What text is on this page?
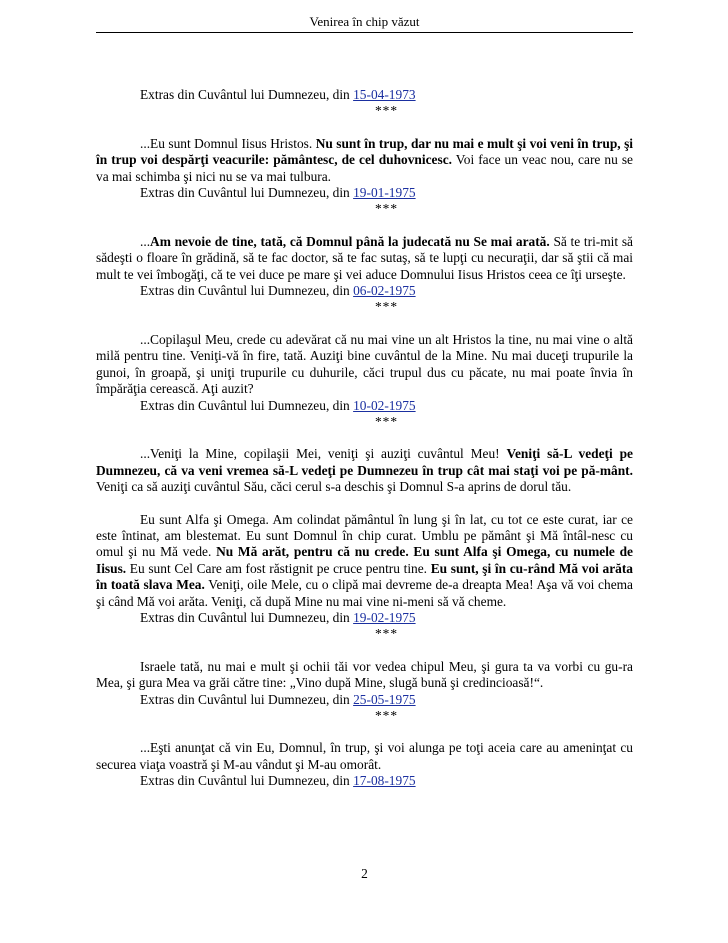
Venirea în chip văzut

Extras din Cuvântul lui Dumnezeu, din 15-04-1973

***

...Eu sunt Domnul Iisus Hristos. Nu sunt în trup, dar nu mai e mult şi voi veni în trup, şi în trup voi despărţi veacurile: pământesc, de cel duhovnicesc. Voi face un veac nou, care nu se va mai schimba şi nici nu se va mai tulbura.

Extras din Cuvântul lui Dumnezeu, din 19-01-1975

***

...Am nevoie de tine, tată, că Domnul până la judecată nu Se mai arată. Să te tri-mit să sădeşti o floare în grădină, să te fac doctor, să te fac sutaş, să te lupţi cu necuraţii, dar să ştii că mai mult te vei îmbogăţi, că te vei duce pe mare şi vei aduce Domnului Iisus Hristos ceea ce îţi urseşte.

Extras din Cuvântul lui Dumnezeu, din 06-02-1975

***

...Copilaşul Meu, crede cu adevărat că nu mai vine un alt Hristos la tine, nu mai vine o altă milă pentru tine. Veniţi-vă în fire, tată. Auziţi bine cuvântul de la Mine. Nu mai duceţi trupurile la gunoi, în groapă, şi uniţi trupurile cu duhurile, căci trupul dus cu păcate, nu mai poate învia în împărăţia cerească. Aţi auzit?

Extras din Cuvântul lui Dumnezeu, din 10-02-1975

***

...Veniţi la Mine, copilaşii Mei, veniţi şi auziţi cuvântul Meu! Veniţi să-L vedeţi pe Dumnezeu, că va veni vremea să-L vedeţi pe Dumnezeu în trup cât mai staţi voi pe pă-mânt. Veniţi ca să auziţi cuvântul Său, căci cerul s-a deschis şi Domnul S-a aprins de dorul tău.

Eu sunt Alfa şi Omega. Am colindat pământul în lung şi în lat, cu tot ce este curat, iar ce este întinat, am blestemat. Eu sunt Domnul în chip curat. Umblu pe pământ şi Mă întâl-nesc cu omul şi nu Mă vede. Nu Mă arăt, pentru că nu crede. Eu sunt Alfa şi Omega, cu numele de Iisus. Eu sunt Cel Care am fost răstignit pe cruce pentru tine. Eu sunt, şi în cu-rând Mă voi arăta în toată slava Mea. Veniţi, oile Mele, cu o clipă mai devreme de-a dreapta Mea! Aşa vă voi chema şi când Mă voi arăta. Veniţi, că după Mine nu mai vine ni-meni să vă cheme.

Extras din Cuvântul lui Dumnezeu, din 19-02-1975

***

Israele tată, nu mai e mult şi ochii tăi vor vedea chipul Meu, şi gura ta va vorbi cu gu-ra Mea, şi gura Mea va grăi către tine: „Vino după Mine, slugă bună şi credincioasă!“.

Extras din Cuvântul lui Dumnezeu, din 25-05-1975

***

...Eşti anunţat că vin Eu, Domnul, în trup, şi voi alunga pe toţi aceia care au ameninţat cu securea viaţa voastră şi M-au vândut şi M-au omorât.

Extras din Cuvântul lui Dumnezeu, din 17-08-1975

2
